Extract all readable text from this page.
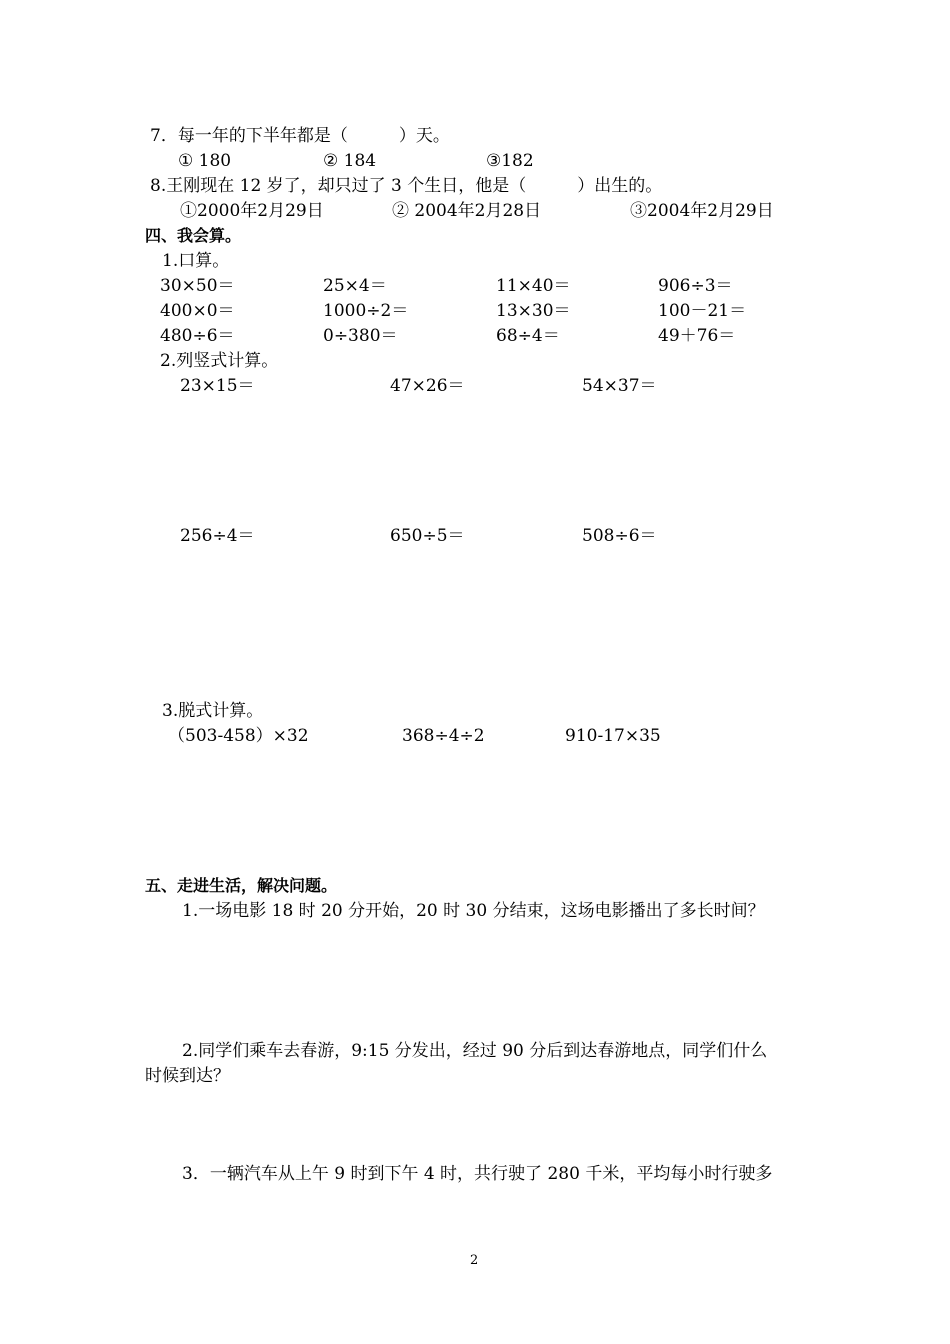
7．每一年的下半年都是（　　　）天。
① 180	② 184	③182
8.王刚现在 12 岁了，却只过了 3 个生日，他是（　　　）出生的。
①2000年2月29日	② 2004年2月28日	③2004年2月29日
四、我会算。
1.口算。
30×50＝	25×4＝	11×40＝	906÷3＝
400×0＝	1000÷2＝	13×30＝	100－21＝
480÷6＝	0÷380＝	68÷4＝	49＋76＝
2.列竖式计算。
23×15＝	47×26＝	54×37＝
256÷4＝	650÷5＝	508÷6＝
3.脱式计算。
（503-458）×32	368÷4÷2	910-17×35
五、走进生活，解决问题。
1.一场电影 18 时 20 分开始，20 时 30 分结束，这场电影播出了多长时间？
2.同学们乘车去春游，9:15 分发出，经过 90 分后到达春游地点，同学们什么
时候到达？
3．一辆汽车从上午 9 时到下午 4 时，共行驶了 280 千米，平均每小时行驶多
2
